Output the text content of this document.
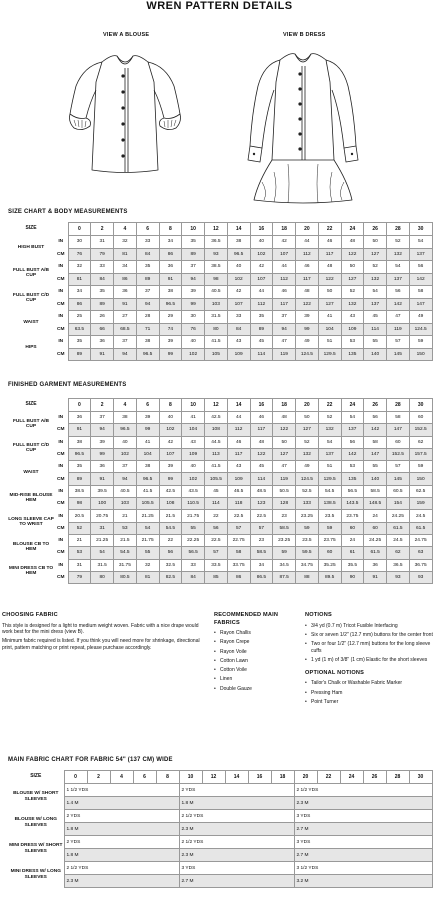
WREN PATTERN DETAILS
VIEW A BLOUSE	VIEW B DRESS
SIZE CHART & BODY MEASUREMENTS
SIZE		0	2	4	6	8	10	12	14	16	18	20	22	24	26	28	30
HIGH BUST	IN	30	31	32	33	34	35	36.5	38	40	42	44	46	48	50	52	54
	CM	76	79	81	84	86	89	93	96.5	102	107	112	117	122	127	132	137
FULL BUST A/B CUP	IN	32	33	34	35	36	37	38.5	40	42	44	46	48	50	52	54	56
	CM	81	84	86	89	91	94	98	102	107	112	117	122	127	132	137	142
FULL BUST C/D CUP	IN	34	35	36	37	38	39	40.5	42	44	46	48	50	52	54	56	58
	CM	86	89	91	94	96.5	99	103	107	112	117	122	127	132	137	142	147
WAIST	IN	25	26	27	28	29	30	31.5	33	35	37	39	41	43	45	47	49
	CM	63.5	66	68.5	71	74	76	80	84	89	94	99	104	109	114	119	124.5
HIPS	IN	35	36	37	38	39	40	41.5	43	45	47	49	51	53	55	57	59
	CM	89	91	94	96.5	99	102	105	109	114	119	124.5	129.5	135	140	145	150
FINISHED GARMENT MEASUREMENTS
SIZE		0	2	4	6	8	10	12	14	16	18	20	22	24	26	28	30
FULL BUST A/B CUP	IN	36	37	38	39	40	41	42.5	44	46	48	50	52	54	56	58	60
	CM	91	94	96.5	99	102	104	108	112	117	122	127	132	137	142	147	152.5
FULL BUST C/D CUP	IN	38	39	40	41	42	43	44.5	46	48	50	52	54	56	58	60	62
	CM	96.5	99	102	104	107	109	113	117	122	127	132	137	142	147	152.5	157.5
WAIST	IN	35	36	37	38	39	40	41.5	43	45	47	49	51	53	55	57	59
	CM	89	91	94	96.5	99	102	105.5	109	114	119	124.5	129.5	135	140	145	150
MID-RISE BLOUSE HEM	IN	38.5	39.5	40.5	41.5	42.5	43.5	45	46.5	48.5	50.5	52.5	54.5	56.5	58.5	60.5	62.5
	CM	98	100	103	105.5	108	110.5	114	118	123	128	133	138.5	143.5	148.5	154	159
LONG SLEEVE CAP TO WRIST	IN	20.5	20.75	21	21.25	21.5	21.75	22	22.5	22.5	23	23.25	23.5	23.75	24	24.25	24.5
	CM	52	31	53	54	54.5	55	56	57	57	58.5	59	59	60	60	61.5	61.5
BLOUSE CB TO HEM	IN	21	21.25	21.5	21.75	22	22.25	22.5	22.75	23	23.25	23.5	23.75	24	24.25	24.5	24.75
	CM	53	54	54.5	55	56	56.5	57	58	58.5	59	59.5	60	61	61.5	62	63
MINI DRESS CB TO HEM	IN	31	31.5	31.75	32	32.5	33	33.5	33.75	34	34.5	34.75	35.25	35.5	36	36.5	36.75
	CM	79	80	80.5	81	82.5	84	85	86	86.5	87.5	88	89.5	90	91	93	93
CHOOSING FABRIC

This style is designed for a light to medium weight woven. Fabric with a nice drape would work best for the mini dress (view B).

Minimum fabric required is listed. If you think you will need more for shrinkage, directional print, pattern matching or print repeat, please purchase accordingly.

RECOMMENDED MAIN FABRICS
• Rayon Challis
• Rayon Crepe
• Rayon Voile
• Cotton Lawn
• Cotton Voile
• Linen
• Double Gauze
NOTIONS
• 3/4 yd (0.7 m) Tricot Fusible Interfacing
• Six or seven 1/2" (12.7 mm) buttons for the center front
• Two or four 1/2" (12.7 mm) buttons for the long sleeve cuffs
• 1 yd (1 m) of 3/8" (1 cm) Elastic for the short sleeves
OPTIONAL NOTIONS
• Tailor's Chalk or Washable Fabric Marker
• Pressing Ham
• Point Turner
MAIN FABRIC CHART FOR FABRIC 54" (137 CM) WIDE
SIZE	0	2	4	6	8	10	12	14	16	18	20	22	24	26	28	30
BLOUSE W/ SHORT SLEEVES	1 1/2 YDS					2 YDS					2 1/2 YDS					
	1.4 M					1.8 M					2.3 M					
BLOUSE W/ LONG SLEEVES	2 YDS					2 1/2 YDS					3 YDS					
	1.8 M					2.3 M					2.7 M					
MINI DRESS W/ SHORT SLEEVES	2 YDS					2 1/2 YDS					3 YDS					
	1.8 M					2.3 M					2.7 M					
MINI DRESS W/ LONG SLEEVES	2 1/2 YDS					3 YDS					3 1/2 YDS					
	2.3 M					2.7 M					3.2 M					
